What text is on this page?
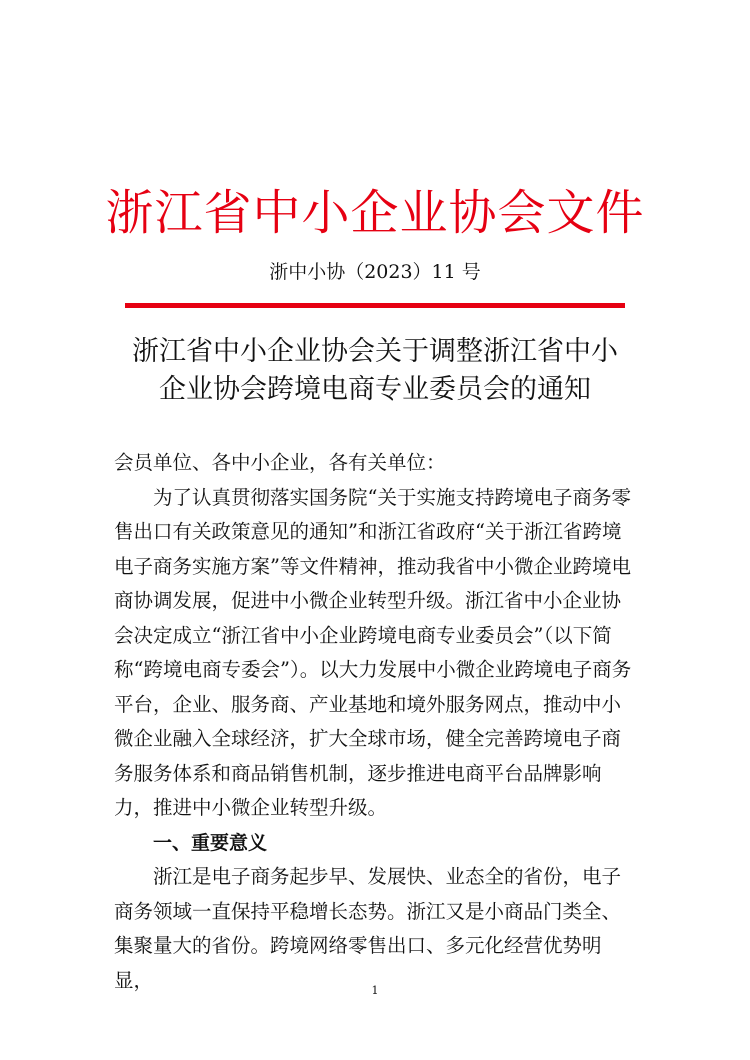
浙江省中小企业协会文件
浙中小协（2023）11 号
浙江省中小企业协会关于调整浙江省中小
企业协会跨境电商专业委员会的通知

会员单位、各中小企业，各有关单位：

为了认真贯彻落实国务院“关于实施支持跨境电子商务零售出口有关政策意见的通知”和浙江省政府“关于浙江省跨境电子商务实施方案”等文件精神，推动我省中小微企业跨境电商协调发展，促进中小微企业转型升级。浙江省中小企业协会决定成立“浙江省中小企业跨境电商专业委员会”（以下简称“跨境电商专委会”）。以大力发展中小微企业跨境电子商务平台，企业、服务商、产业基地和境外服务网点，推动中小微企业融入全球经济，扩大全球市场，健全完善跨境电子商务服务体系和商品销售机制，逐步推进电商平台品牌影响力，推进中小微企业转型升级。

一、重要意义

浙江是电子商务起步早、发展快、业态全的省份，电子商务领域一直保持平稳增长态势。浙江又是小商品门类全、集聚量大的省份。跨境网络零售出口、多元化经营优势明显，	1
